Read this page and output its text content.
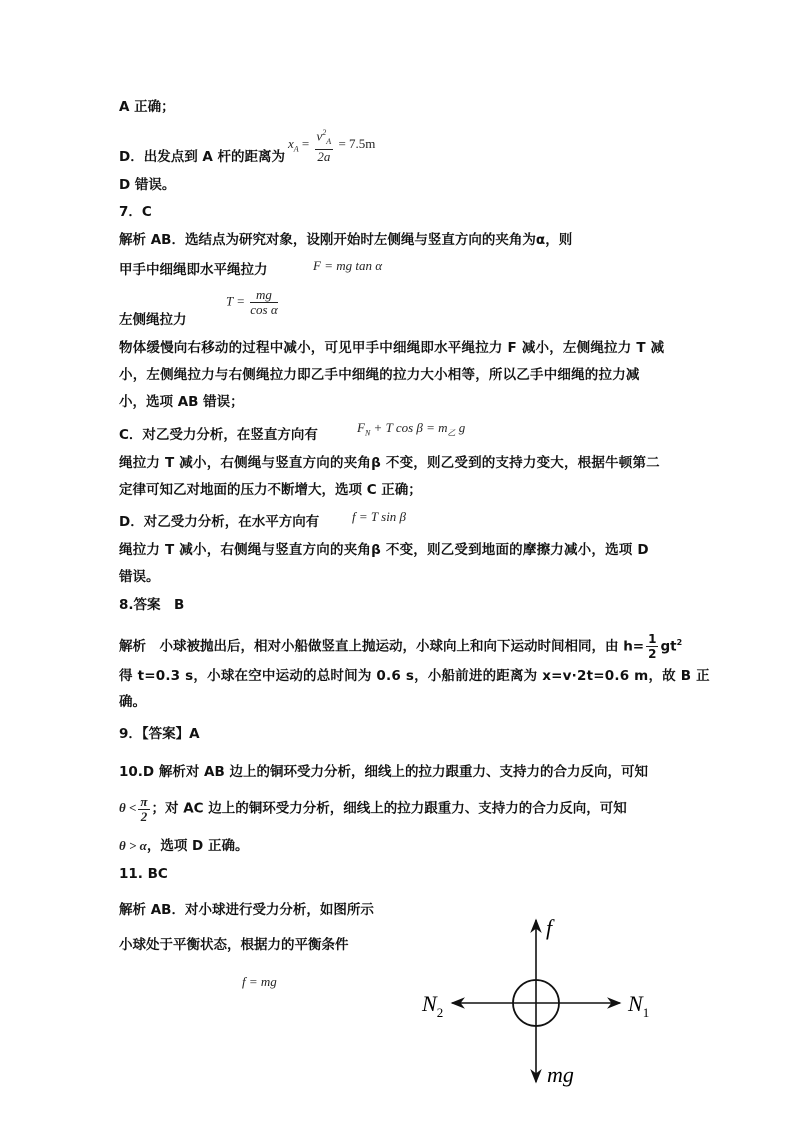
A 正确；
D．出发点到 A 杆的距离为
$x_A = \frac{v^2_A}{2a} = 7.5m$
D 错误。
7．C
解析 AB．选结点为研究对象，设刚开始时左侧绳与竖直方向的夹角为α，则
甲手中细绳即水平绳拉力	F = mg tan α
左侧绳拉力
$T = \frac{mg}{\text{cos α}}$
物体缓慢向右移动的过程中减小，可见甲手中细绳即水平绳拉力 F 减小，左侧绳拉力 T 减
小，左侧绳拉力与右侧绳拉力即乙手中细绳的拉力大小相等，所以乙手中细绳的拉力减
小，选项 AB 错误；
C．对乙受力分析，在竖直方向有	$F_N + T$ $\cos \beta = m_乙$ g
绳拉力 T 减小，右侧绳与竖直方向的夹角β 不变，则乙受到的支持力变大，根据牛顿第二
定律可知乙对地面的压力不断增大，选项 C 正确；
D．对乙受力分析，在水平方向有	f = T sin β
绳拉力 T 减小，右侧绳与竖直方向的夹角β 不变，则乙受到地面的摩擦力减小，选项 D
错误。
8.答案　B
解析　小球被抛出后，相对小船做竖直上抛运动，小球向上和向下运动时间相同，由 $h= \frac{1}{2} gt^2$
得 t=0.3 s，小球在空中运动的总时间为 0.6 s，小船前进的距离为 x=v·2t=0.6 m，故 B 正
确。
9．【答案】A
10.D 解析对 AB 边上的铜环受力分析，细线上的拉力跟重力、支持力的合力反向，可知
$\theta < \frac{\pi}{2}$ ；对 AC 边上的铜环受力分析，细线上的拉力跟重力、支持力的合力反向，可知
θ > α，选项 D 正确。
11. BC
解析 AB．对小球进行受力分析，如图所示
小球处于平衡状态，根据力的平衡条件
f = mg
f
$N_1$
$N_2$
mg
